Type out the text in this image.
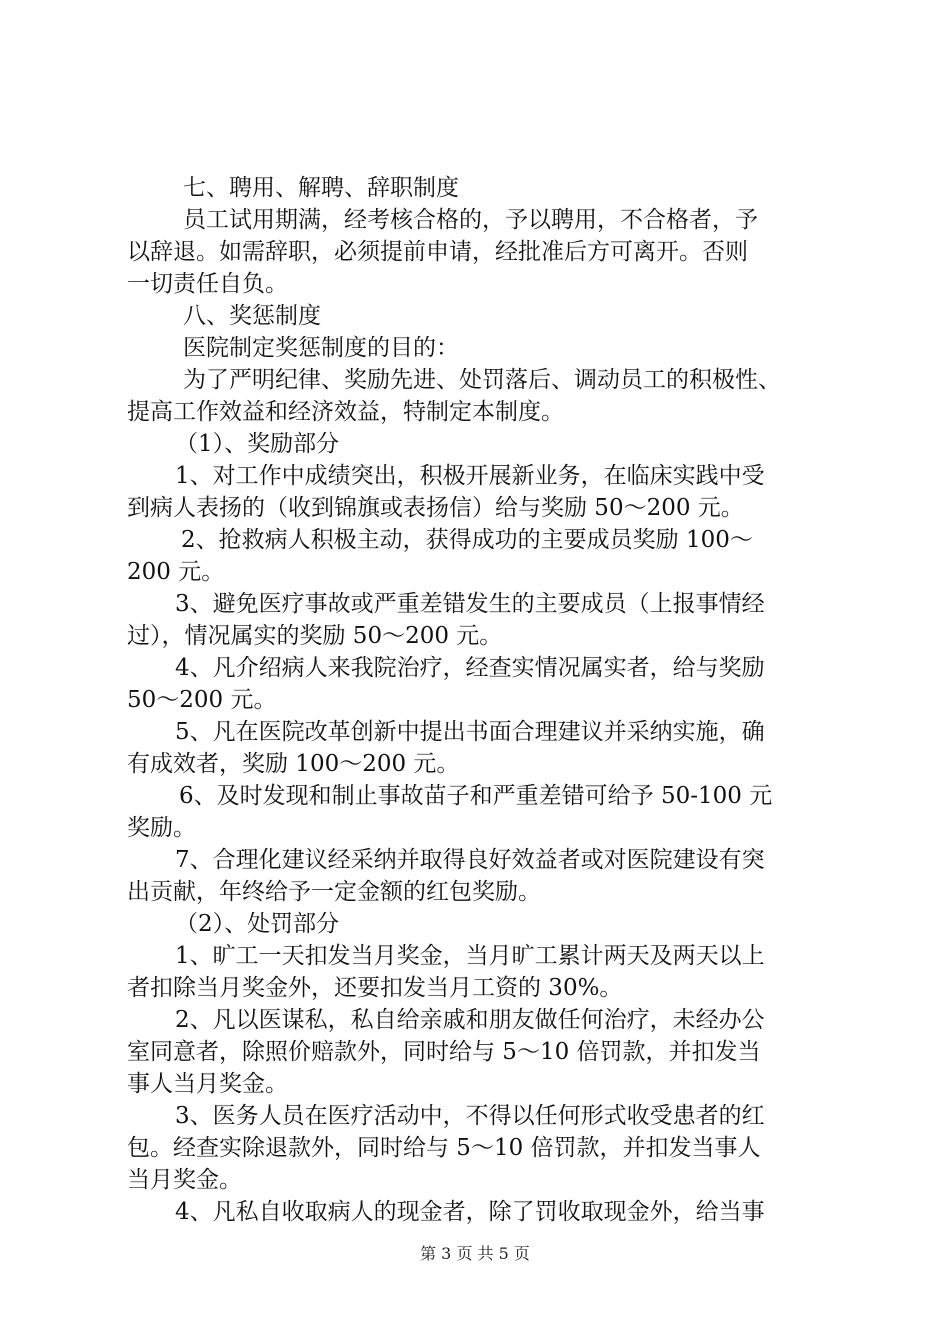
七、聘用、解聘、辞职制度
员工试用期满，经考核合格的，予以聘用，不合格者，予
以辞退。如需辞职，必须提前申请，经批准后方可离开。否则
一切责任自负。
八、奖惩制度
医院制定奖惩制度的目的：
为了严明纪律、奖励先进、处罚落后、调动员工的积极性、
提高工作效益和经济效益，特制定本制度。
（1）、奖励部分
1、对工作中成绩突出，积极开展新业务，在临床实践中受
到病人表扬的（收到锦旗或表扬信）给与奖励 50～200 元。
2、抢救病人积极主动，获得成功的主要成员奖励 100～
200 元。
3、避免医疗事故或严重差错发生的主要成员（上报事情经
过），情况属实的奖励 50～200 元。
4、凡介绍病人来我院治疗，经查实情况属实者，给与奖励
50～200 元。
5、凡在医院改革创新中提出书面合理建议并采纳实施，确
有成效者，奖励 100～200 元。
6、及时发现和制止事故苗子和严重差错可给予 50-100 元
奖励。
7、合理化建议经采纳并取得良好效益者或对医院建设有突
出贡献，年终给予一定金额的红包奖励。
（2）、处罚部分
1、旷工一天扣发当月奖金，当月旷工累计两天及两天以上
者扣除当月奖金外，还要扣发当月工资的 30%。
2、凡以医谋私，私自给亲戚和朋友做任何治疗，未经办公
室同意者，除照价赔款外，同时给与 5～10 倍罚款，并扣发当
事人当月奖金。
3、医务人员在医疗活动中，不得以任何形式收受患者的红
包。经查实除退款外，同时给与 5～10 倍罚款，并扣发当事人
当月奖金。
4、凡私自收取病人的现金者，除了罚收取现金外，给当事
第 3 页 共 5 页
